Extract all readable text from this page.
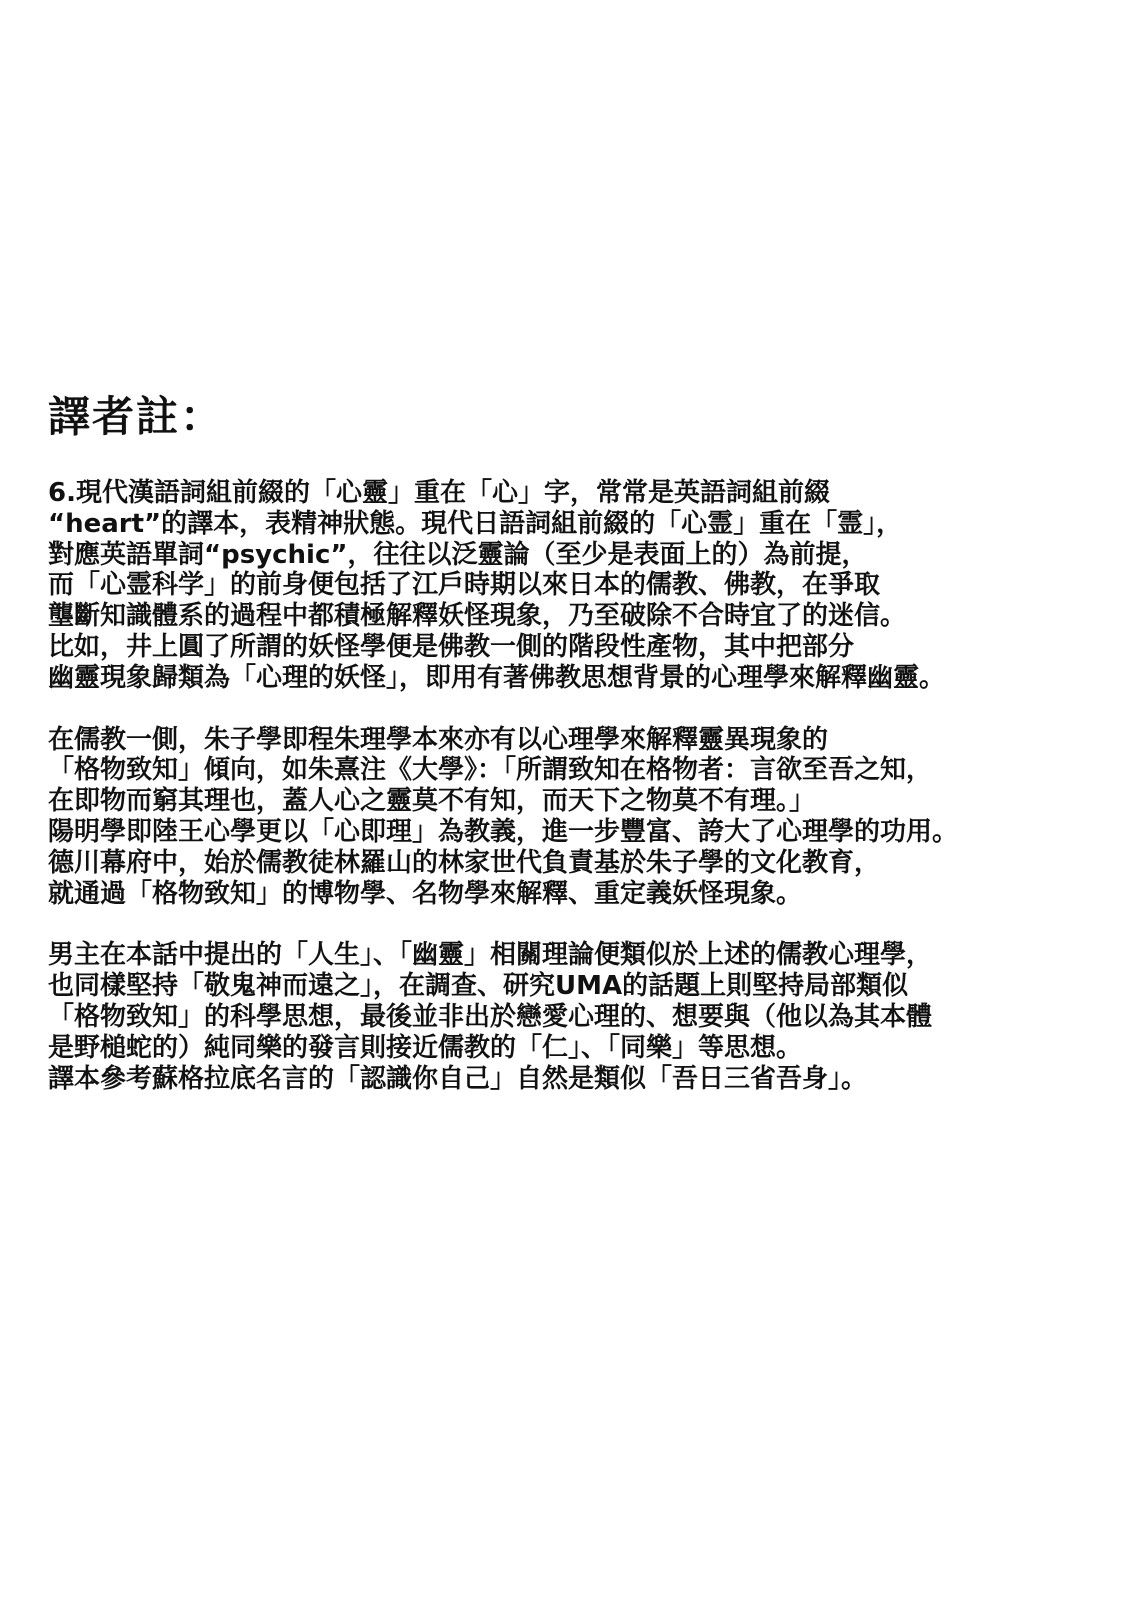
譯者註：
6.現代漢語詞組前綴的「心靈」重在「心」字，常常是英語詞組前綴
“heart”的譯本，表精神狀態。現代日語詞組前綴的「心霊」重在「霊」，
對應英語單詞“psychic”，往往以泛靈論（至少是表面上的）為前提，
而「心霊科学」的前身便包括了江戶時期以來日本的儒教、佛教，在爭取
壟斷知識體系的過程中都積極解釋妖怪現象，乃至破除不合時宜了的迷信。
比如，井上圓了所謂的妖怪學便是佛教一側的階段性產物，其中把部分
幽靈現象歸類為「心理的妖怪」，即用有著佛教思想背景的心理學來解釋幽靈。
在儒教一側，朱子學即程朱理學本來亦有以心理學來解釋靈異現象的
「格物致知」傾向，如朱熹注《大學》：「所謂致知在格物者：言欲至吾之知，
在即物而窮其理也，蓋人心之靈莫不有知，而天下之物莫不有理。」
陽明學即陸王心學更以「心即理」為教義，進一步豐富、誇大了心理學的功用。
德川幕府中，始於儒教徒林羅山的林家世代負責基於朱子學的文化教育，
就通過「格物致知」的博物學、名物學來解釋、重定義妖怪現象。
男主在本話中提出的「人生」、「幽靈」相關理論便類似於上述的儒教心理學，
也同樣堅持「敬鬼神而遠之」，在調查、研究UMA的話題上則堅持局部類似
「格物致知」的科學思想，最後並非出於戀愛心理的、想要與（他以為其本體
是野槌蛇的）純同樂的發言則接近儒教的「仁」、「同樂」等思想。
譯本參考蘇格拉底名言的「認識你自己」自然是類似「吾日三省吾身」。
